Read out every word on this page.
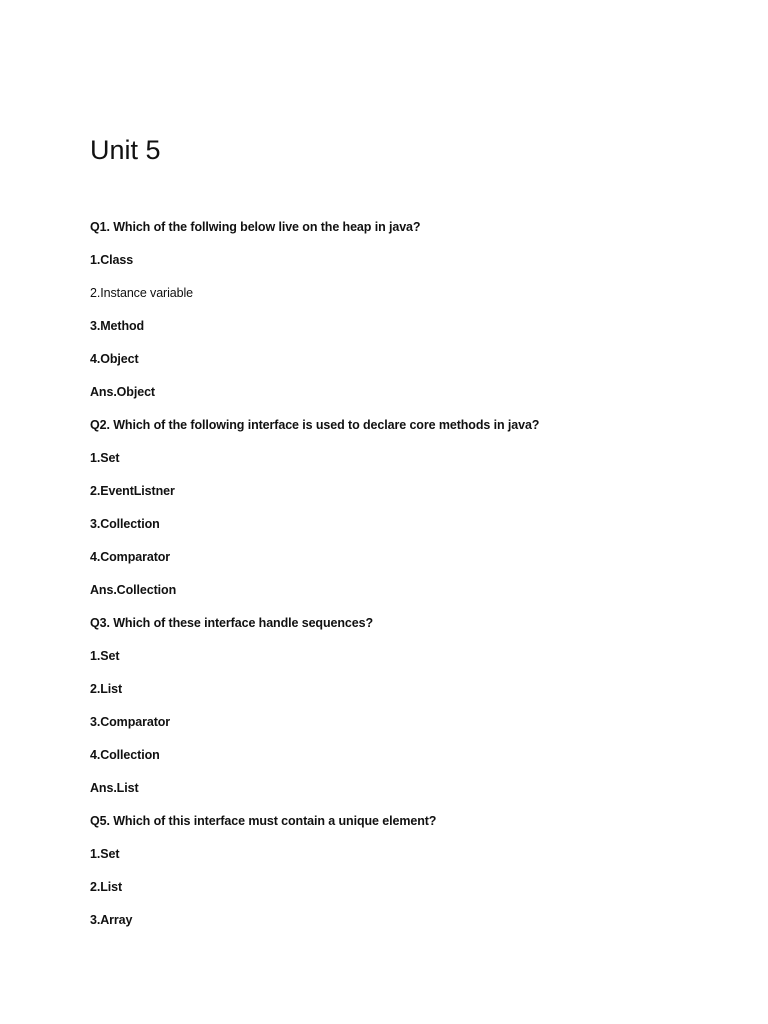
Unit 5
Q1. Which of the follwing below live on the heap in java?
1.Class
2.Instance variable
3.Method
4.Object
Ans.Object
Q2. Which of the following interface is used to declare core methods in java?
1.Set
2.EventListner
3.Collection
4.Comparator
Ans.Collection
Q3. Which of these interface handle sequences?
1.Set
2.List
3.Comparator
4.Collection
Ans.List
Q5. Which of this interface must contain a unique element?
1.Set
2.List
3.Array
